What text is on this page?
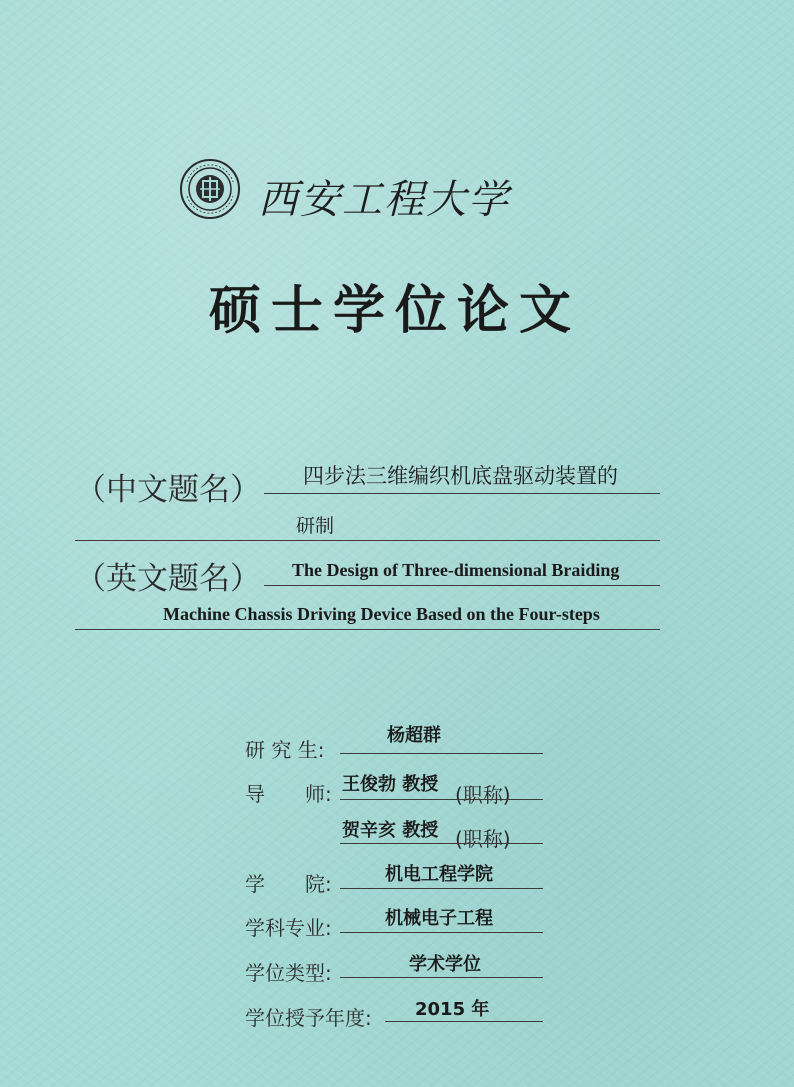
西安工程大学
硕士学位论文
（中文题名） 四步法三维编织机底盘驱动装置的
研制
（英文题名） The Design of Three-dimensional Braiding
Machine Chassis Driving Device Based on the Four-steps
研 究 生:
杨超群
导　　师: 王俊勃 教授 (职称)
贺辛亥 教授 (职称)
学　　院:	机电工程学院
学科专业:	机械电子工程
学位类型:	学术学位
学位授予年度: 2015 年
